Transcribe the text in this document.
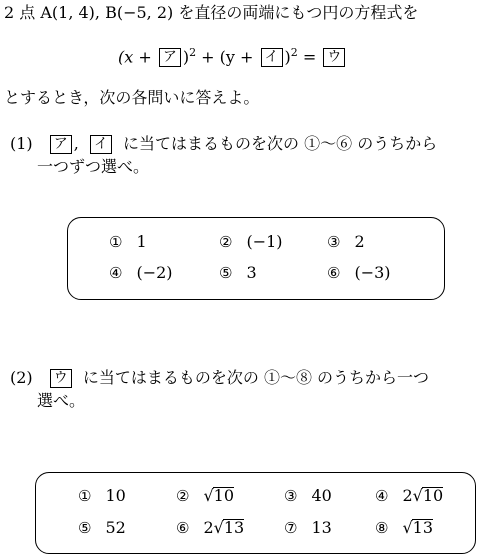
2 点 A(1, 4), B(−5, 2) を直径の両端にもつ円の方程式を
(x + ア )$^2$ + (y + イ )$^2$ = ウ
とするとき，次の各問いに答えよ。
(1) ア , イ に当てはまるものを次の ①〜⑥ のうちから
一つずつ選べ。
① 1	② (−1)	③ 2
④ (−2)	⑤ 3	⑥ (−3)
(2) ウ に当てはまるものを次の ①〜⑧ のうちから一つ
選べ。
① 10	② √10	③ 40	④ 2√10
⑤ 52	⑥ 2√13	⑦ 13	⑧ √13
